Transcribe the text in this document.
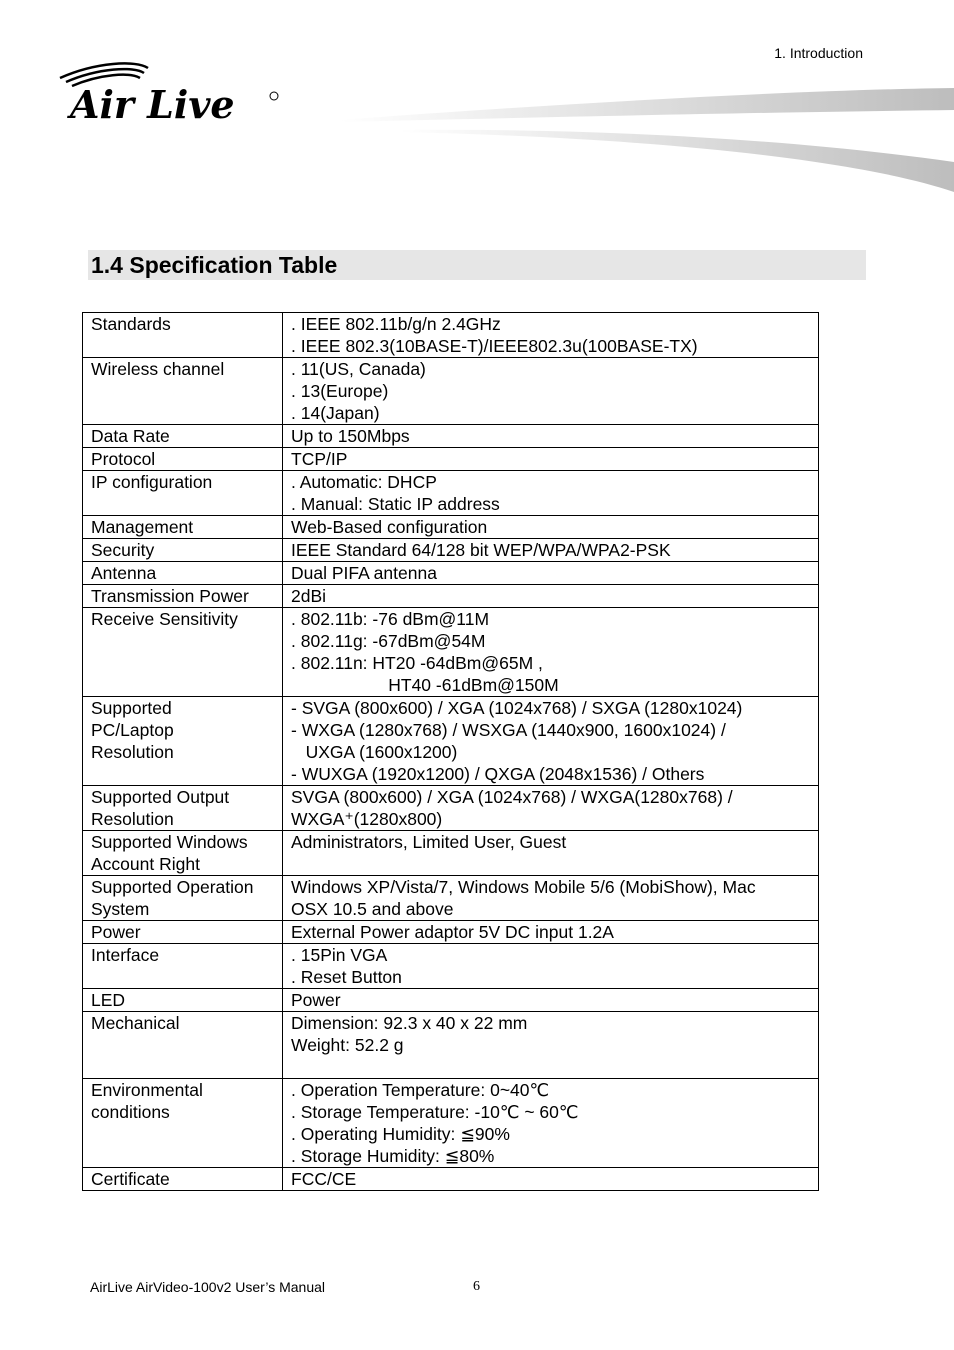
1. Introduction
Air Live
1.4 Specification Table
Standards	. IEEE 802.11b/g/n 2.4GHz
. IEEE 802.3(10BASE-T)/IEEE802.3u(100BASE-TX)

Wireless channel	. 11(US, Canada)
. 13(Europe)
. 14(Japan)

Data Rate	Up to 150Mbps

Protocol	TCP/IP

IP configuration	. Automatic: DHCP
. Manual: Static IP address

Management	Web-Based configuration

Security	IEEE Standard 64/128 bit WEP/WPA/WPA2-PSK

Antenna	Dual PIFA antenna

Transmission Power	2dBi

Receive Sensitivity	. 802.11b: -76 dBm@11M
. 802.11g: -67dBm@54M
. 802.11n: HT20 -64dBm@65M ,
HT40 -61dBm@150M

Supported
PC/Laptop
Resolution	- SVGA (800x600) / XGA (1024x768) / SXGA (1280x1024)
- WXGA (1280x768) / WSXGA (1440x900, 1600x1024) /
UXGA (1600x1200)
- WUXGA (1920x1200) / QXGA (2048x1536) / Others

Supported Output
Resolution	SVGA (800x600) / XGA (1024x768) / WXGA(1280x768) /
WXGA⁺(1280x800)

Supported Windows
Account Right	Administrators, Limited User, Guest

Supported Operation
System	Windows XP/Vista/7, Windows Mobile 5/6 (MobiShow), Mac
OSX 10.5 and above

Power	External Power adaptor 5V DC input 1.2A

Interface	. 15Pin VGA
. Reset Button

LED	Power

Mechanical	Dimension: 92.3 x 40 x 22 mm
Weight: 52.2 g

Environmental
conditions	. Operation Temperature: 0~40℃
. Storage Temperature: -10℃ ~ 60℃
. Operating Humidity: ≦90%
. Storage Humidity: ≦80%

Certificate	FCC/CE
AirLive AirVideo-100v2 User’s Manual	6
